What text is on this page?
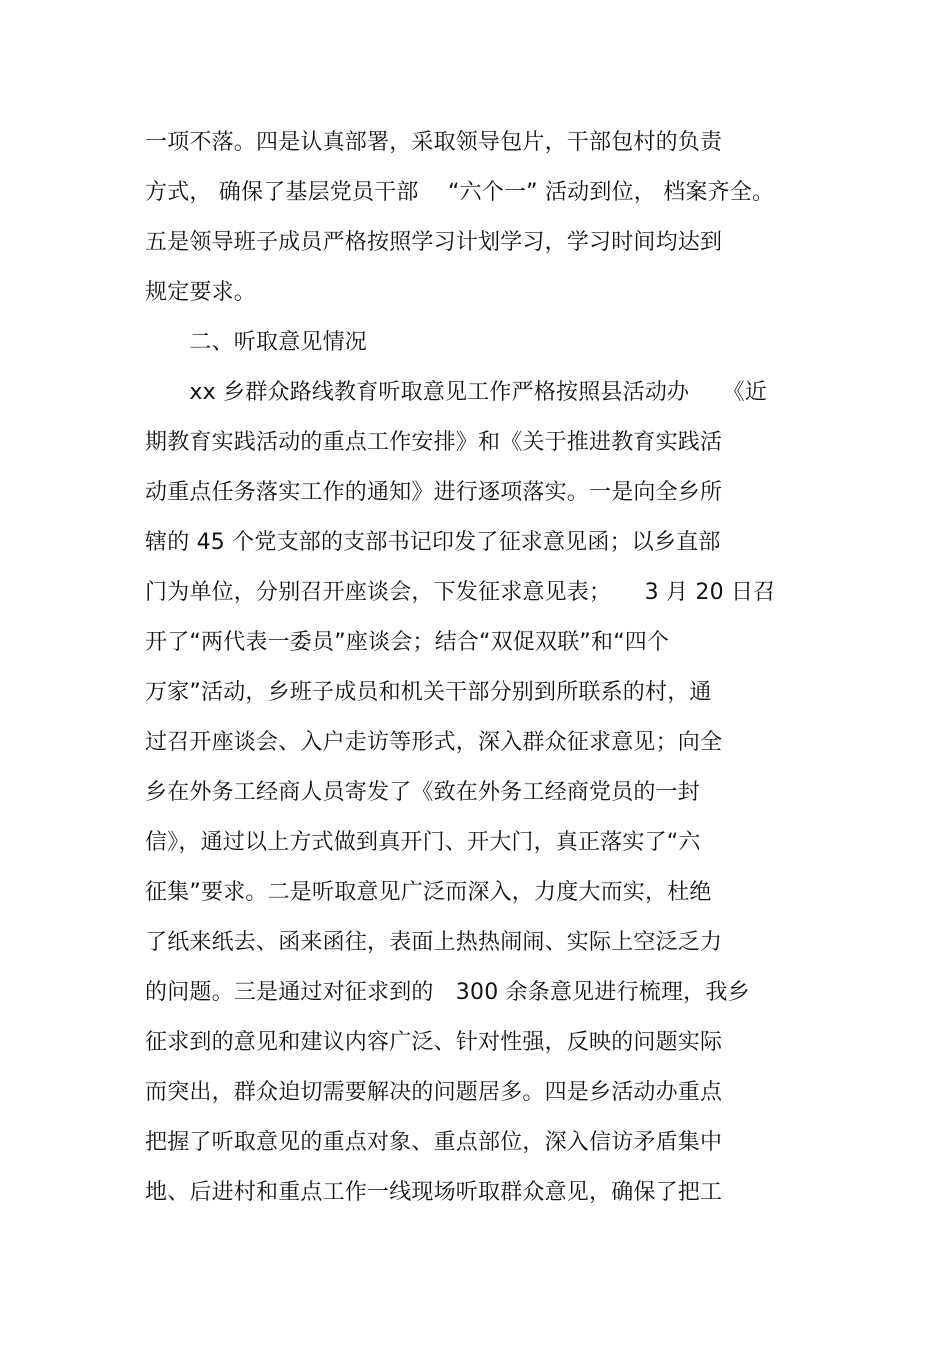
一项不落。四是认真部署，采取领导包片，干部包村的负责
方式， 确保了基层党员干部 　“六个一” 活动到位， 档案齐全。
五是领导班子成员严格按照学习计划学习，学习时间均达到
规定要求。
　　二、听取意见情况
　　xx 乡群众路线教育听取意见工作严格按照县活动办　　《近
期教育实践活动的重点工作安排》和《关于推进教育实践活
动重点任务落实工作的通知》进行逐项落实。一是向全乡所
辖的 45 个党支部的支部书记印发了征求意见函；以乡直部
门为单位，分别召开座谈会，下发征求意见表；　　3 月 20 日召
开了“两代表一委员”座谈会；结合“双促双联”和“四个
万家”活动，乡班子成员和机关干部分别到所联系的村，通
过召开座谈会、入户走访等形式，深入群众征求意见；向全
乡在外务工经商人员寄发了《致在外务工经商党员的一封
信》，通过以上方式做到真开门、开大门，真正落实了“六
征集”要求。二是听取意见广泛而深入，力度大而实，杜绝
了纸来纸去、函来函往，表面上热热闹闹、实际上空泛乏力
的问题。三是通过对征求到的　300 余条意见进行梳理，我乡
征求到的意见和建议内容广泛、针对性强，反映的问题实际
而突出，群众迫切需要解决的问题居多。四是乡活动办重点
把握了听取意见的重点对象、重点部位，深入信访矛盾集中
地、后进村和重点工作一线现场听取群众意见，确保了把工
